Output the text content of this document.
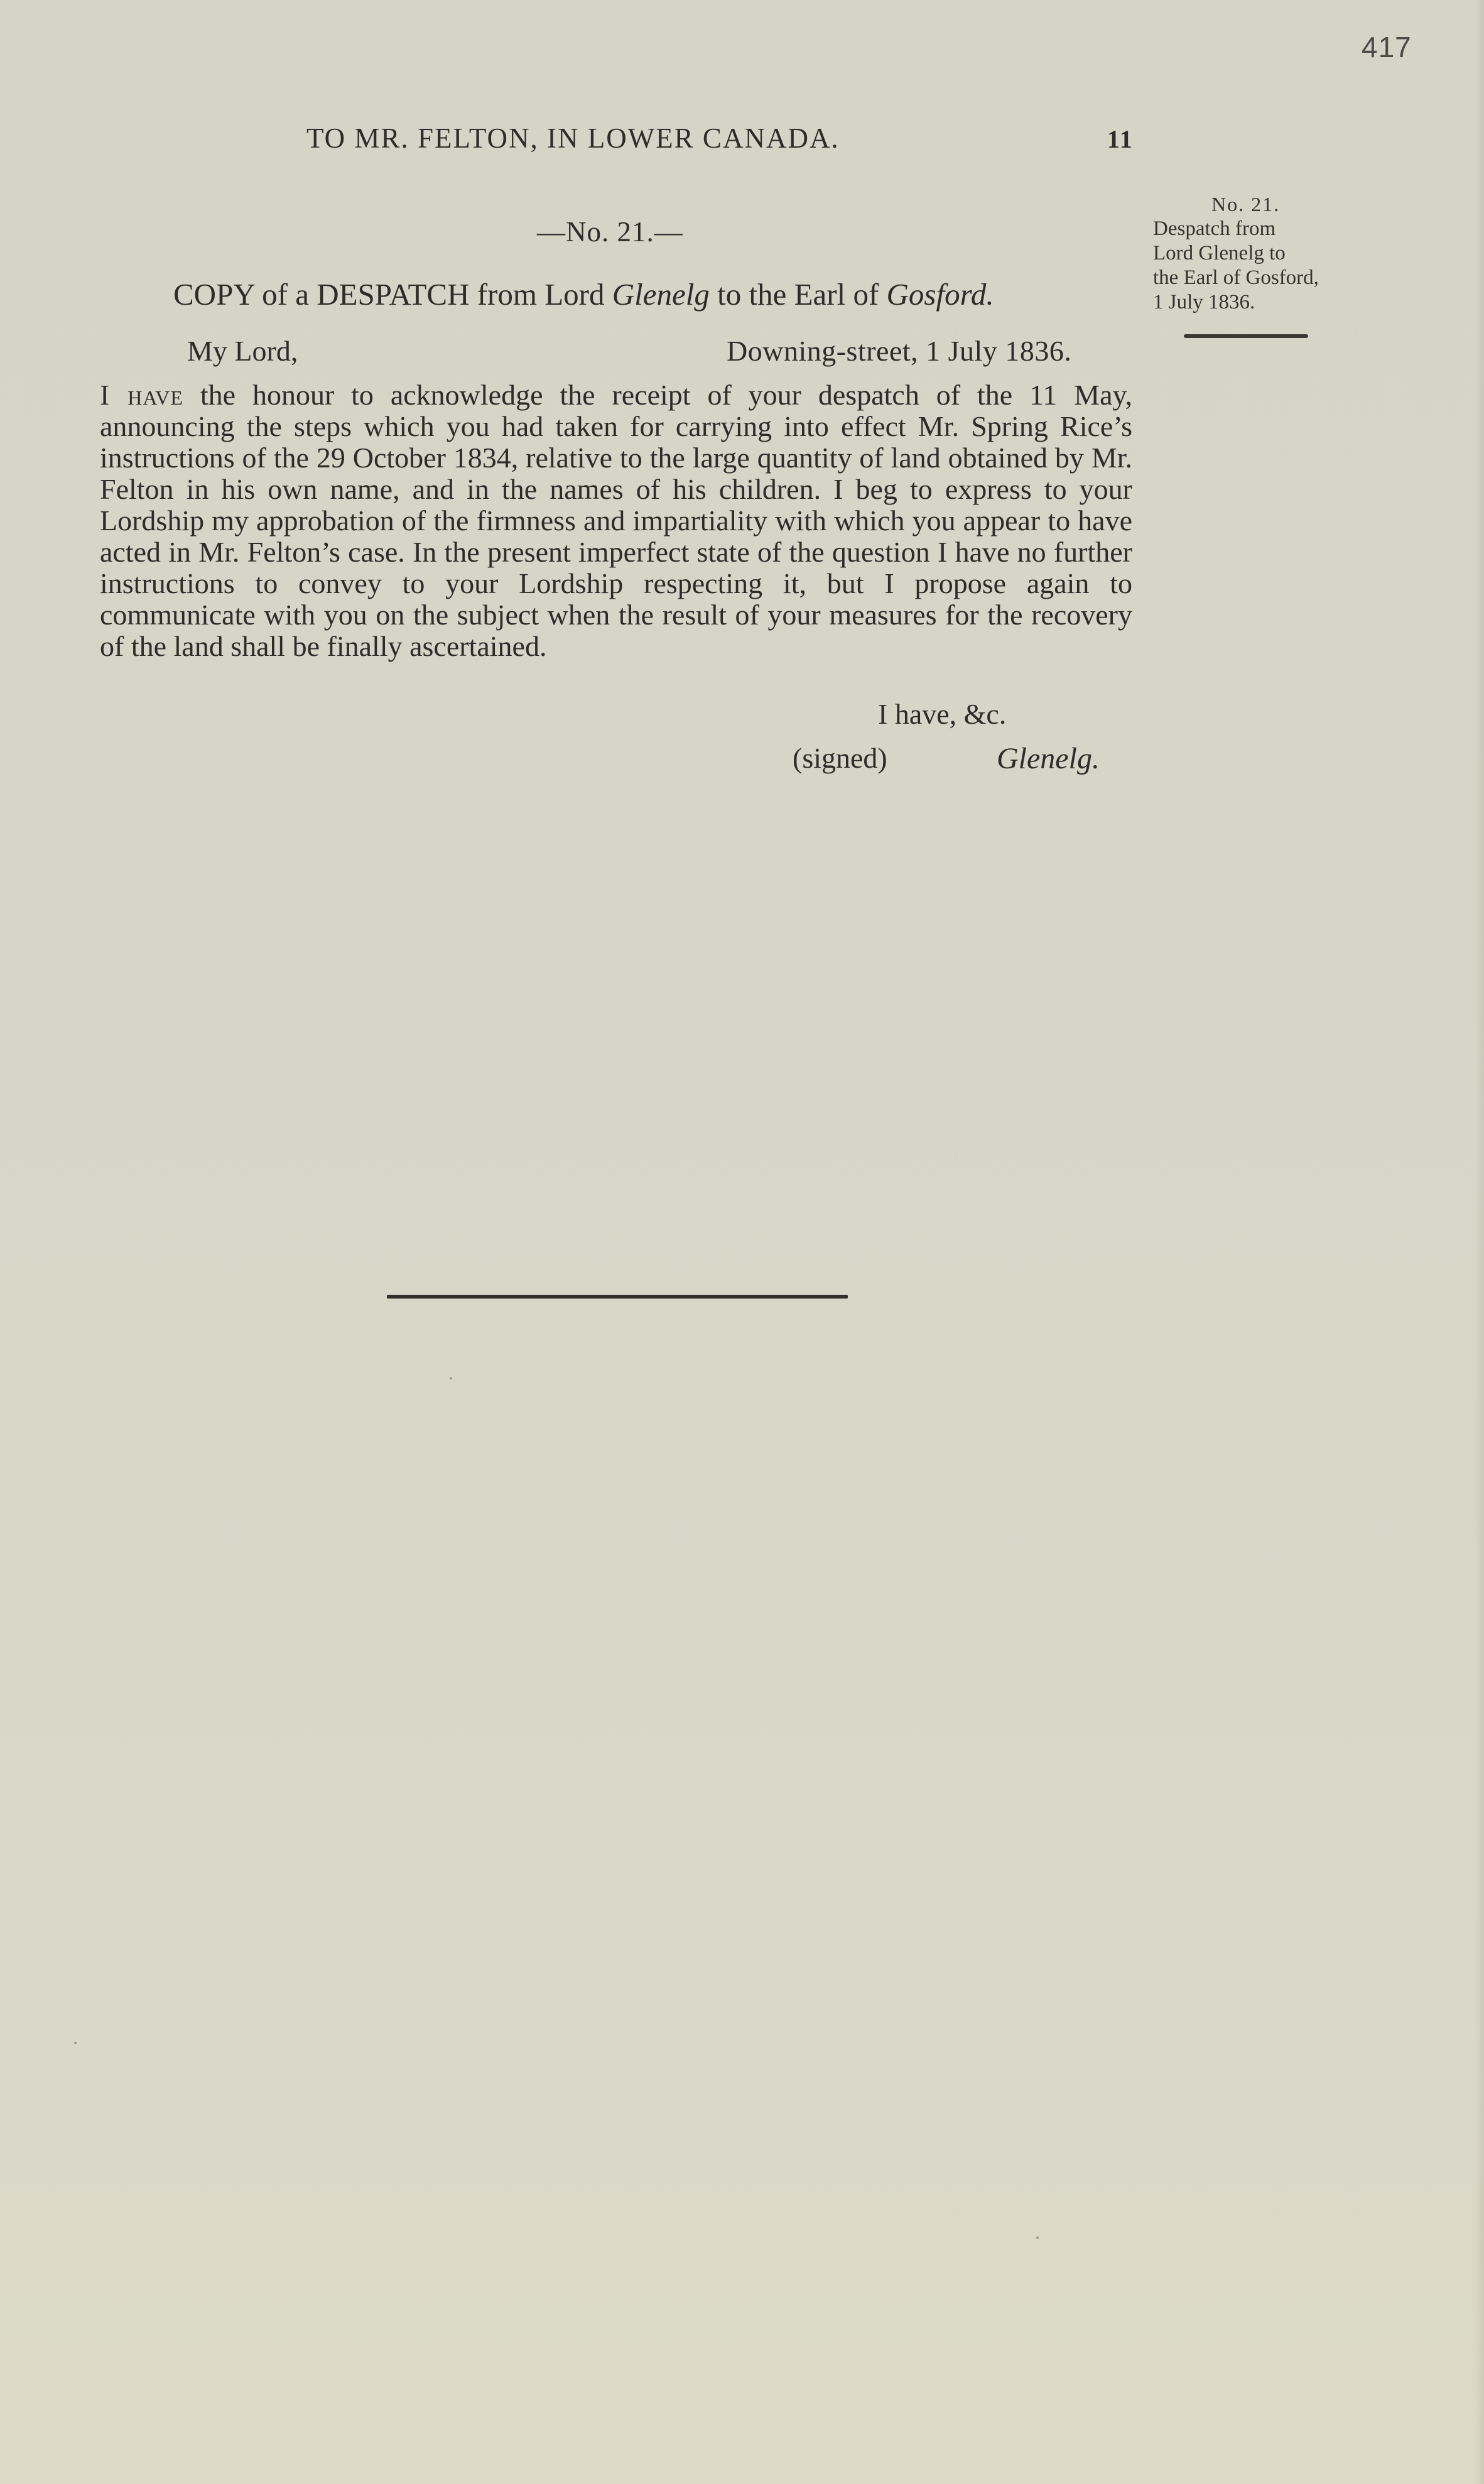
417
TO MR. FELTON, IN LOWER CANADA.	11
—No. 21.—
COPY of a DESPATCH from Lord Glenelg to the Earl of Gosford.
No. 21.
Despatch from
Lord Glenelg to
the Earl of Gosford,
1 July 1836.
My Lord,	Downing-street, 1 July 1836.

I have the honour to acknowledge the receipt of your despatch of the 11 May, announcing the steps which you had taken for carrying into effect Mr. Spring Rice’s instructions of the 29 October 1834, relative to the large quantity of land obtained by Mr. Felton in his own name, and in the names of his children. I beg to express to your Lordship my approbation of the firmness and impartiality with which you appear to have acted in Mr. Felton’s case. In the present imperfect state of the question I have no further instructions to convey to your Lordship respecting it, but I propose again to communicate with you on the subject when the result of your measures for the recovery of the land shall be finally ascertained.

I have, &c.
(signed)	Glenelg.
